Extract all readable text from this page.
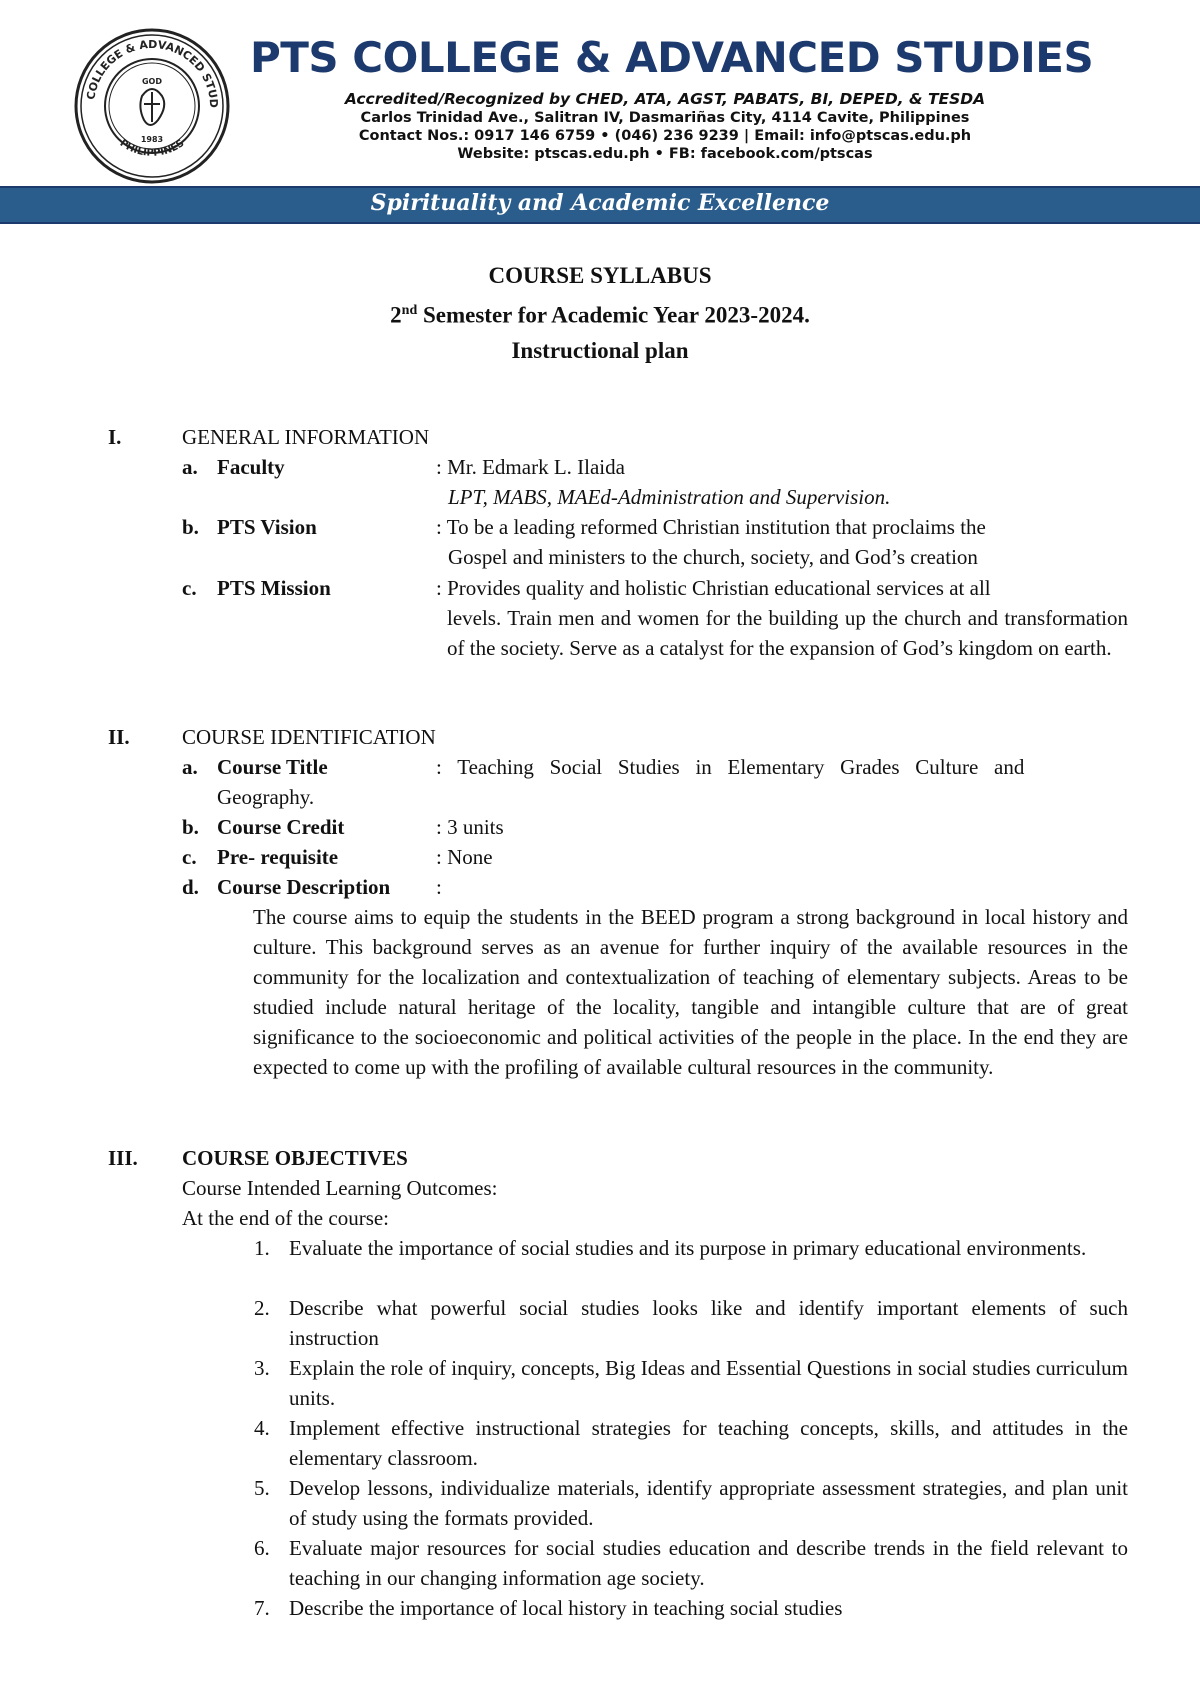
COLLEGE & ADVANCED STUD
PHILIPPINES
GOD
1983
PTS COLLEGE & ADVANCED STUDIES
Accredited/Recognized by CHED, ATA, AGST, PABATS, BI, DEPED, & TESDA
Carlos Trinidad Ave., Salitran IV, Dasmariñas City, 4114 Cavite, Philippines
Contact Nos.: 0917 146 6759 • (046) 236 9239 | Email: info@ptscas.edu.ph
Website: ptscas.edu.ph • FB: facebook.com/ptscas
Spirituality and Academic Excellence
COURSE SYLLABUS
2nd Semester for Academic Year 2023-2024.
Instructional plan
I.	GENERAL INFORMATION
a. Faculty	: Mr. Edmark L. Ilaida
LPT, MABS, MAEd-Administration and Supervision.
b. PTS Vision	: To be a leading reformed Christian institution that proclaims the
Gospel and ministers to the church, society, and God’s creation
c. PTS Mission	: Provides quality and holistic Christian educational services at all
levels. Train men and women for the building up the church and transformation of the society. Serve as a catalyst for the expansion of God’s kingdom on earth.
II. COURSE IDENTIFICATION
a. Course Title	:   Teaching   Social   Studies   in   Elementary   Grades   Culture   and
Geography.
b. Course Credit	: 3 units
c. Pre- requisite	: None
d. Course Description :
The course aims to equip the students in the BEED program a strong background in local history and culture. This background serves as an avenue for further inquiry of the available resources in the community for the localization and contextualization of teaching of elementary subjects. Areas to be studied include natural heritage of the locality, tangible and intangible culture that are of great significance to the socioeconomic and political activities of the people in the place. In the end they are expected to come up with the profiling of available cultural resources in the community.
III. COURSE OBJECTIVES
Course Intended Learning Outcomes:
At the end of the course:
1. Evaluate the importance of social studies and its purpose in primary educational environments.
2. Describe what powerful social studies looks like and identify important elements of such instruction
3. Explain the role of inquiry, concepts, Big Ideas and Essential Questions in social studies curriculum units.
4. Implement effective instructional strategies for teaching concepts, skills, and attitudes in the elementary classroom.
5. Develop lessons, individualize materials, identify appropriate assessment strategies, and plan unit of study using the formats provided.
6. Evaluate major resources for social studies education and describe trends in the field relevant to teaching in our changing information age society.
7. Describe the importance of local history in teaching social studies
